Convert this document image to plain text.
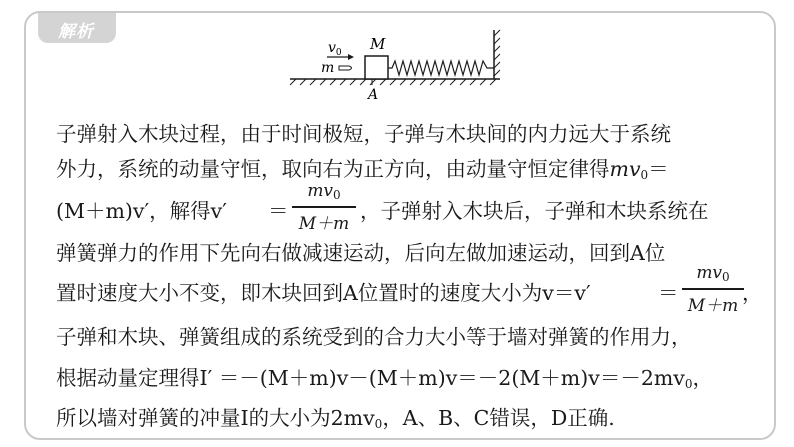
解析
$v_0$
m
M
A
子弹射入木块过程，由于时间极短，子弹与木块间的内力远大于系统
外力，系统的动量守恒，取向右为正方向，由动量守恒定律得$mv_0=$
(M＋m)v′，解得v′ ＝
$mv_0$
M＋m
，子弹射入木块后，子弹和木块系统在
弹簧弹力的作用下先向右做减速运动，后向左做加速运动，回到A位
置时速度大小不变，即木块回到A位置时的速度大小为v＝v′	＝
$mv_0$
M＋m
，
子弹和木块、弹簧组成的系统受到的合力大小等于墙对弹簧的作用力，
根据动量定理得$I' =-(M+m)v-(M+m)v=-2(M+m)v=-2mv_0$，
所以墙对弹簧的冲量I的大小为$2mv_0$，A、B、C错误，D正确.
